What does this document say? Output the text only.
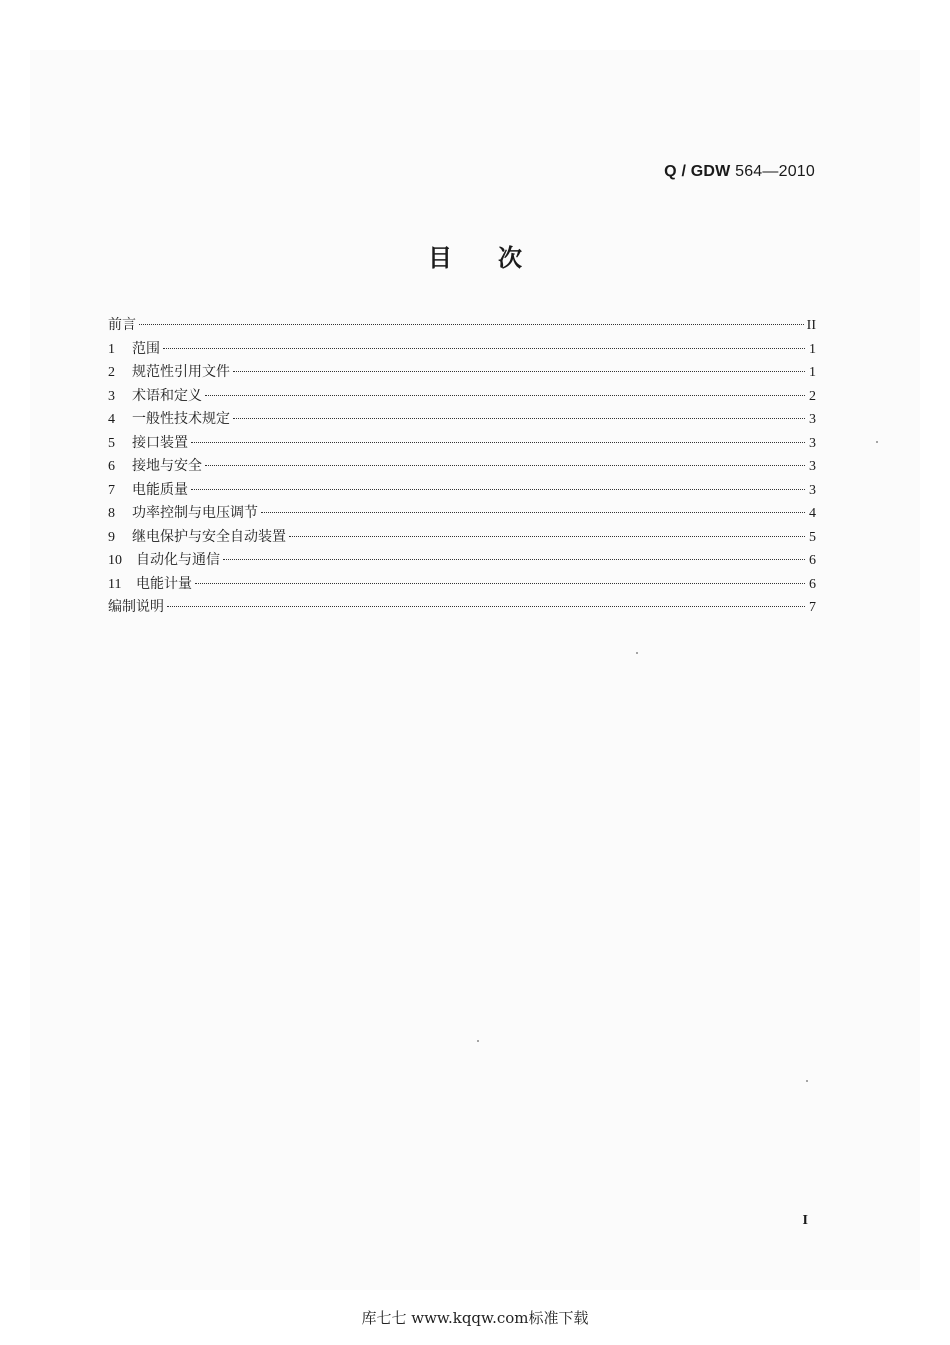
Q / GDW 564—2010
目 次
前言	II
1	范围	1
2	规范性引用文件	1
3	术语和定义	2
4	一般性技术规定	3
5	接口装置	3
6	接地与安全	3
7	电能质量	3
8	功率控制与电压调节	4
9	继电保护与安全自动装置	5
10	自动化与通信	6
11	电能计量	6
编制说明	7
I
库七七 www.kqqw.com标准下载
